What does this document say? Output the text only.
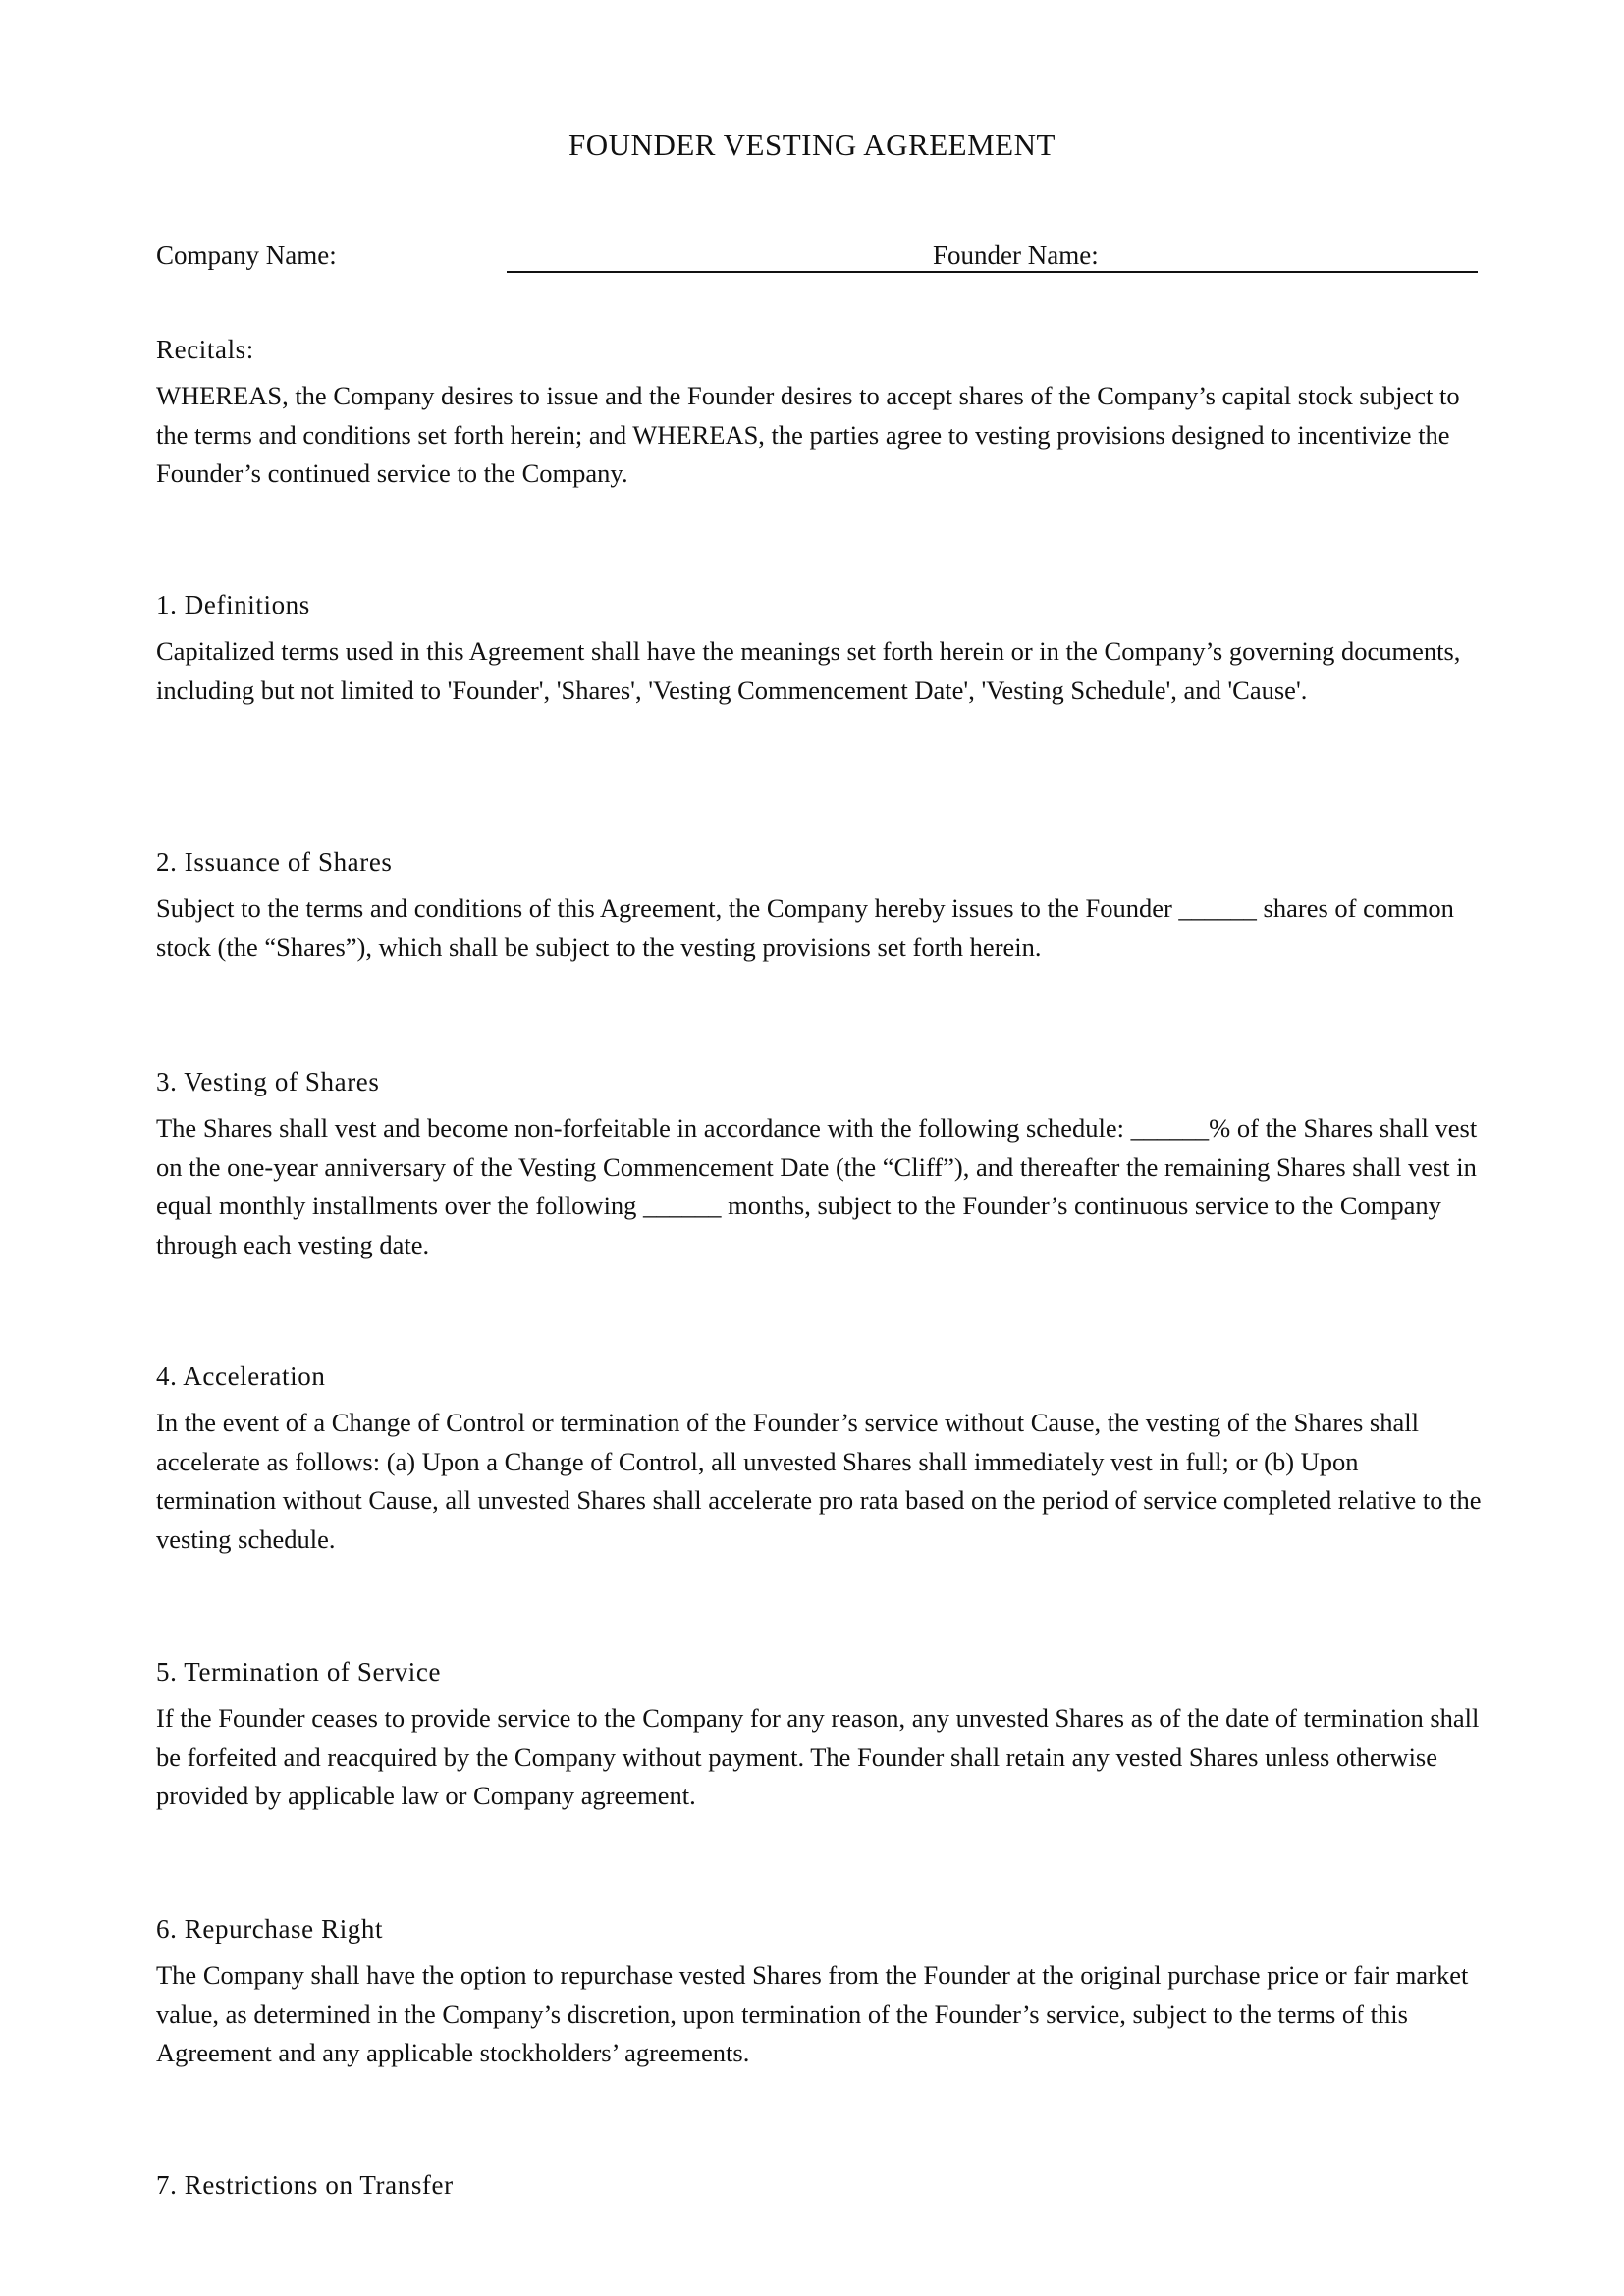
FOUNDER VESTING AGREEMENT
Company Name:	Founder Name:
Recitals:
WHEREAS, the Company desires to issue and the Founder desires to accept shares of the Company’s capital stock subject to the terms and conditions set forth herein; and WHEREAS, the parties agree to vesting provisions designed to incentivize the Founder’s continued service to the Company.
1. Definitions
Capitalized terms used in this Agreement shall have the meanings set forth herein or in the Company’s governing documents, including but not limited to 'Founder', 'Shares', 'Vesting Commencement Date', 'Vesting Schedule', and 'Cause'.
2. Issuance of Shares
Subject to the terms and conditions of this Agreement, the Company hereby issues to the Founder ______ shares of common stock (the “Shares”), which shall be subject to the vesting provisions set forth herein.
3. Vesting of Shares
The Shares shall vest and become non-forfeitable in accordance with the following schedule: ______% of the Shares shall vest on the one-year anniversary of the Vesting Commencement Date (the “Cliff”), and thereafter the remaining Shares shall vest in equal monthly installments over the following ______ months, subject to the Founder’s continuous service to the Company through each vesting date.
4. Acceleration
In the event of a Change of Control or termination of the Founder’s service without Cause, the vesting of the Shares shall accelerate as follows: (a) Upon a Change of Control, all unvested Shares shall immediately vest in full; or (b) Upon termination without Cause, all unvested Shares shall accelerate pro rata based on the period of service completed relative to the vesting schedule.
5. Termination of Service
If the Founder ceases to provide service to the Company for any reason, any unvested Shares as of the date of termination shall be forfeited and reacquired by the Company without payment. The Founder shall retain any vested Shares unless otherwise provided by applicable law or Company agreement.
6. Repurchase Right
The Company shall have the option to repurchase vested Shares from the Founder at the original purchase price or fair market value, as determined in the Company’s discretion, upon termination of the Founder’s service, subject to the terms of this Agreement and any applicable stockholders’ agreements.
7. Restrictions on Transfer
